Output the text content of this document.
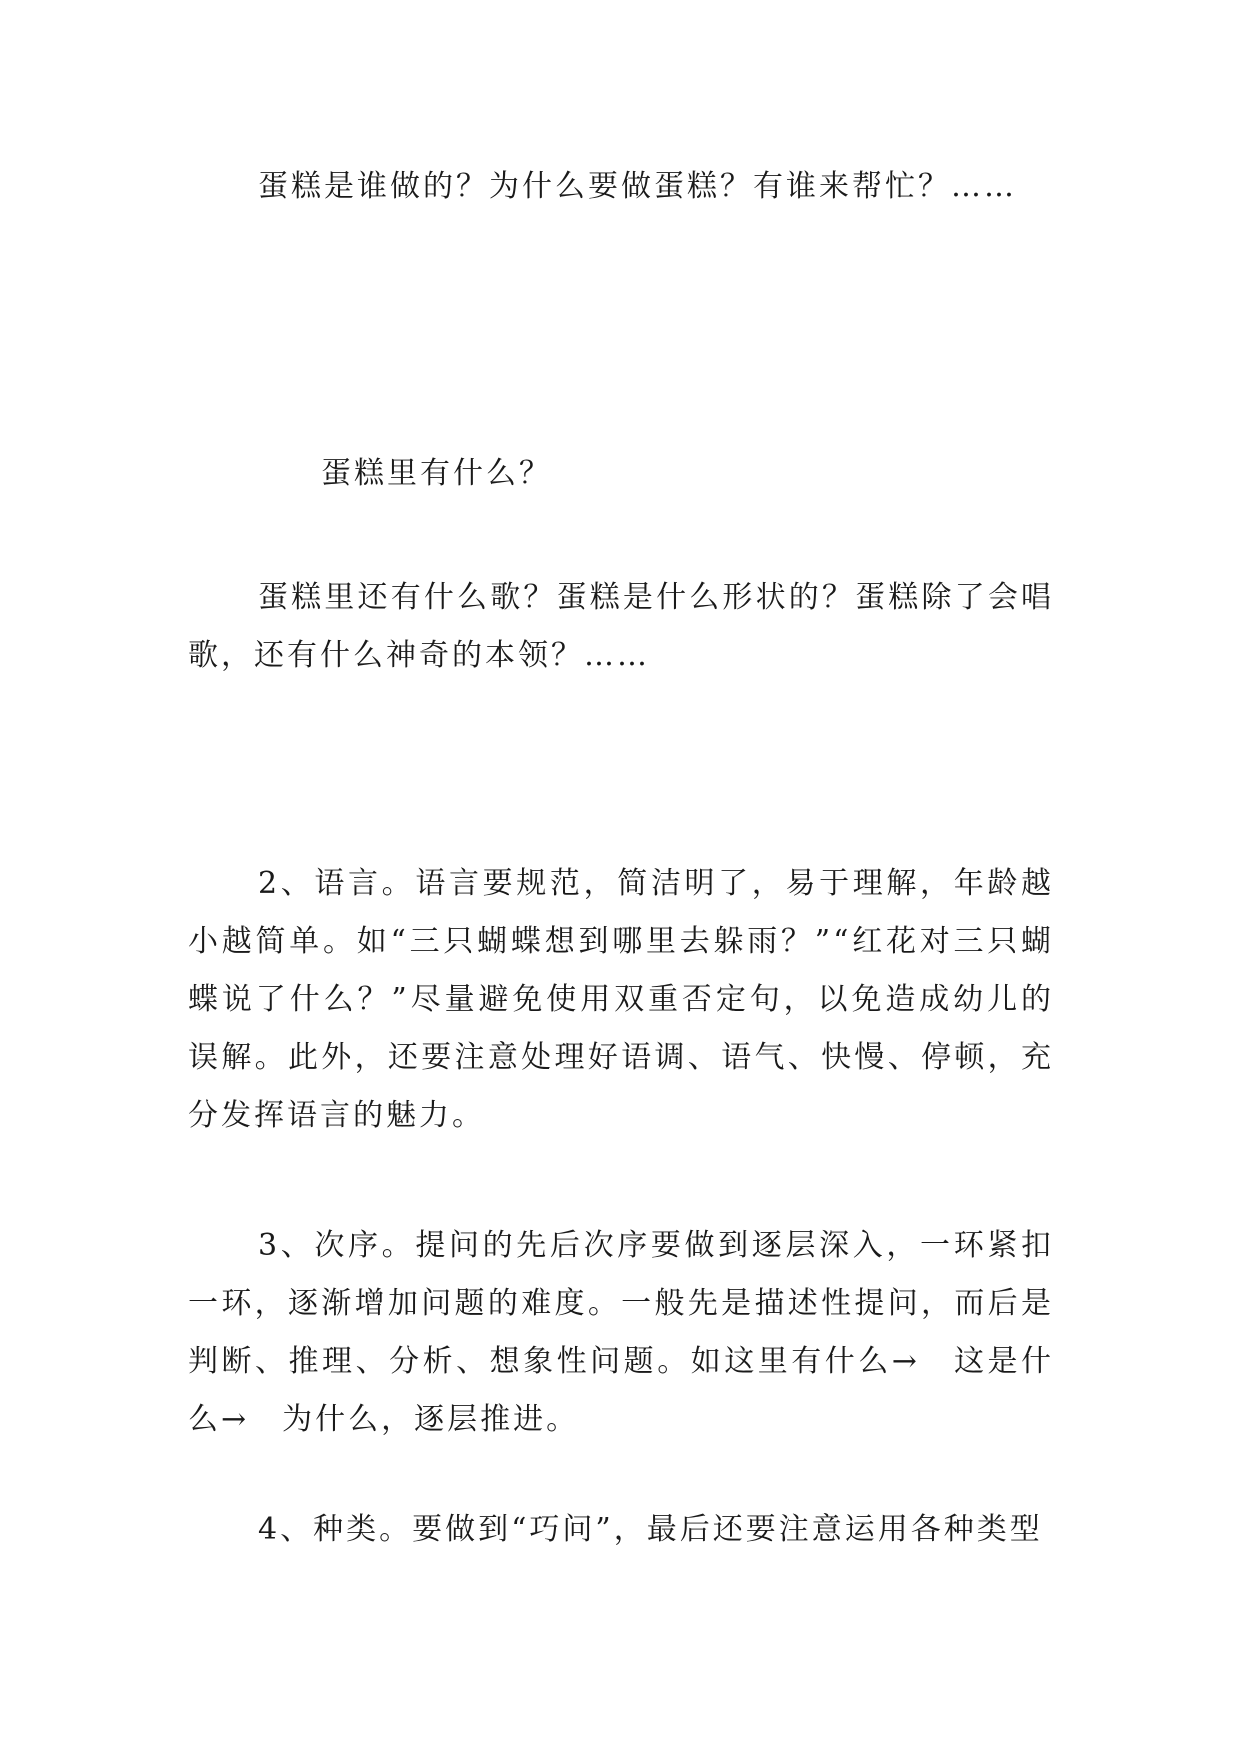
蛋糕是谁做的？为什么要做蛋糕？有谁来帮忙？……

蛋糕里有什么？

蛋糕里还有什么歌？蛋糕是什么形状的？蛋糕除了会唱歌，还有什么神奇的本领？……

2、语言。语言要规范，简洁明了，易于理解，年龄越小越简单。如“三只蝴蝶想到哪里去躲雨？”“红花对三只蝴蝶说了什么？”尽量避免使用双重否定句，以免造成幼儿的误解。此外，还要注意处理好语调、语气、快慢、停顿，充分发挥语言的魅力。

3、次序。提问的先后次序要做到逐层深入，一环紧扣一环，逐渐增加问题的难度。一般先是描述性提问，而后是判断、推理、分析、想象性问题。如这里有什么→　这是什么→　为什么，逐层推进。

4、种类。要做到“巧问”，最后还要注意运用各种类型
